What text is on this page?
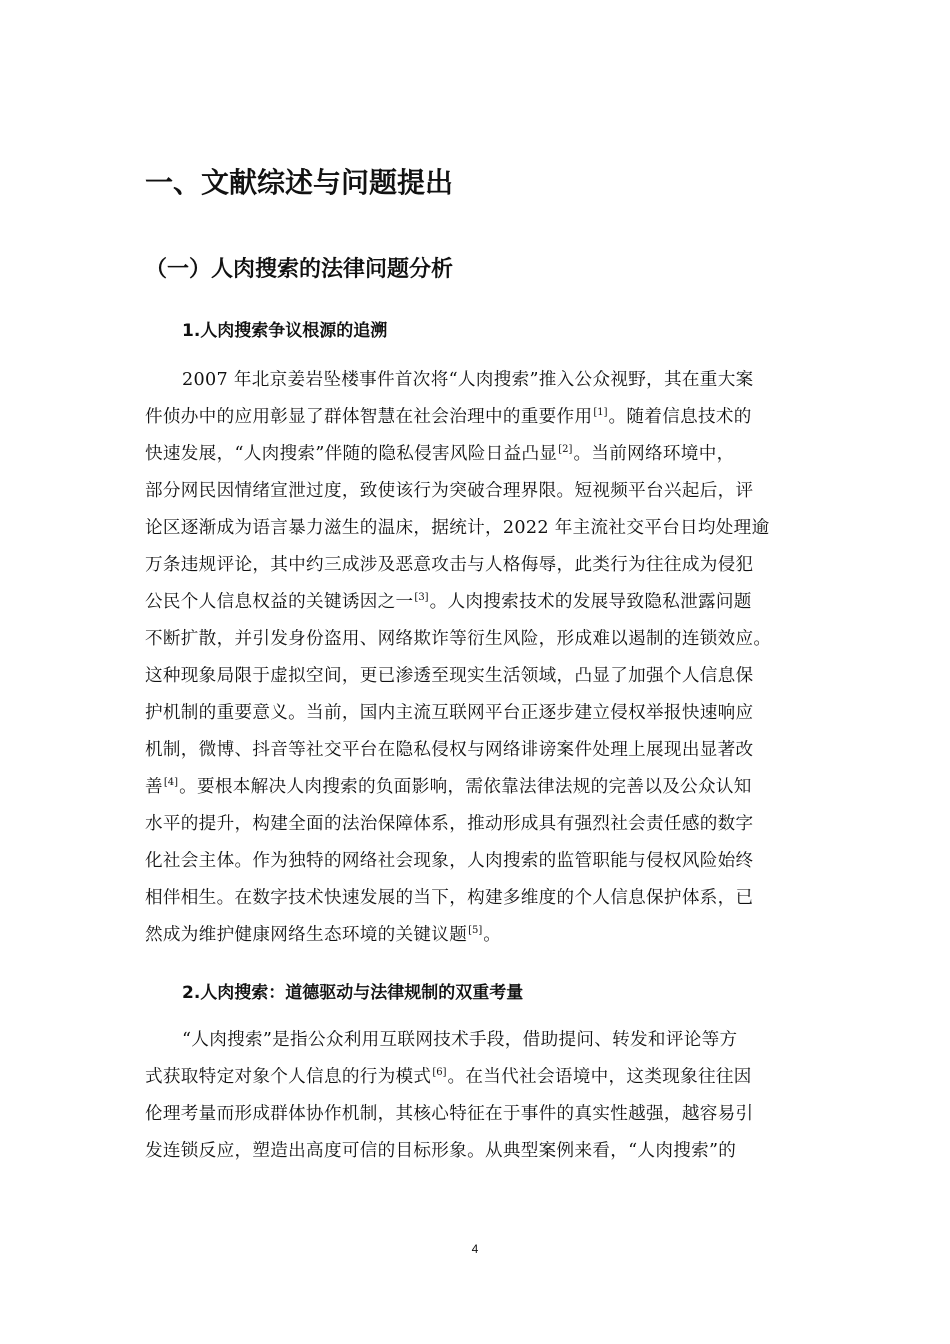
一、文献综述与问题提出
（一）人肉搜索的法律问题分析
1.人肉搜索争议根源的追溯
2007 年北京姜岩坠楼事件首次将“人肉搜索”推入公众视野，其在重大案
件侦办中的应用彰显了群体智慧在社会治理中的重要作用[1]。随着信息技术的
快速发展，“人肉搜索”伴随的隐私侵害风险日益凸显[2]。当前网络环境中，
部分网民因情绪宣泄过度，致使该行为突破合理界限。短视频平台兴起后，评
论区逐渐成为语言暴力滋生的温床，据统计，2022 年主流社交平台日均处理逾
万条违规评论，其中约三成涉及恶意攻击与人格侮辱，此类行为往往成为侵犯
公民个人信息权益的关键诱因之一[3]。人肉搜索技术的发展导致隐私泄露问题
不断扩散，并引发身份盗用、网络欺诈等衍生风险，形成难以遏制的连锁效应。
这种现象局限于虚拟空间，更已渗透至现实生活领域，凸显了加强个人信息保
护机制的重要意义。当前，国内主流互联网平台正逐步建立侵权举报快速响应
机制，微博、抖音等社交平台在隐私侵权与网络诽谤案件处理上展现出显著改
善[4]。要根本解决人肉搜索的负面影响，需依靠法律法规的完善以及公众认知
水平的提升，构建全面的法治保障体系，推动形成具有强烈社会责任感的数字
化社会主体。作为独特的网络社会现象，人肉搜索的监管职能与侵权风险始终
相伴相生。在数字技术快速发展的当下，构建多维度的个人信息保护体系，已
然成为维护健康网络生态环境的关键议题[5]。
2.人肉搜索：道德驱动与法律规制的双重考量
“人肉搜索”是指公众利用互联网技术手段，借助提问、转发和评论等方
式获取特定对象个人信息的行为模式[6]。在当代社会语境中，这类现象往往因
伦理考量而形成群体协作机制，其核心特征在于事件的真实性越强，越容易引
发连锁反应，塑造出高度可信的目标形象。从典型案例来看，“人肉搜索”的
4
